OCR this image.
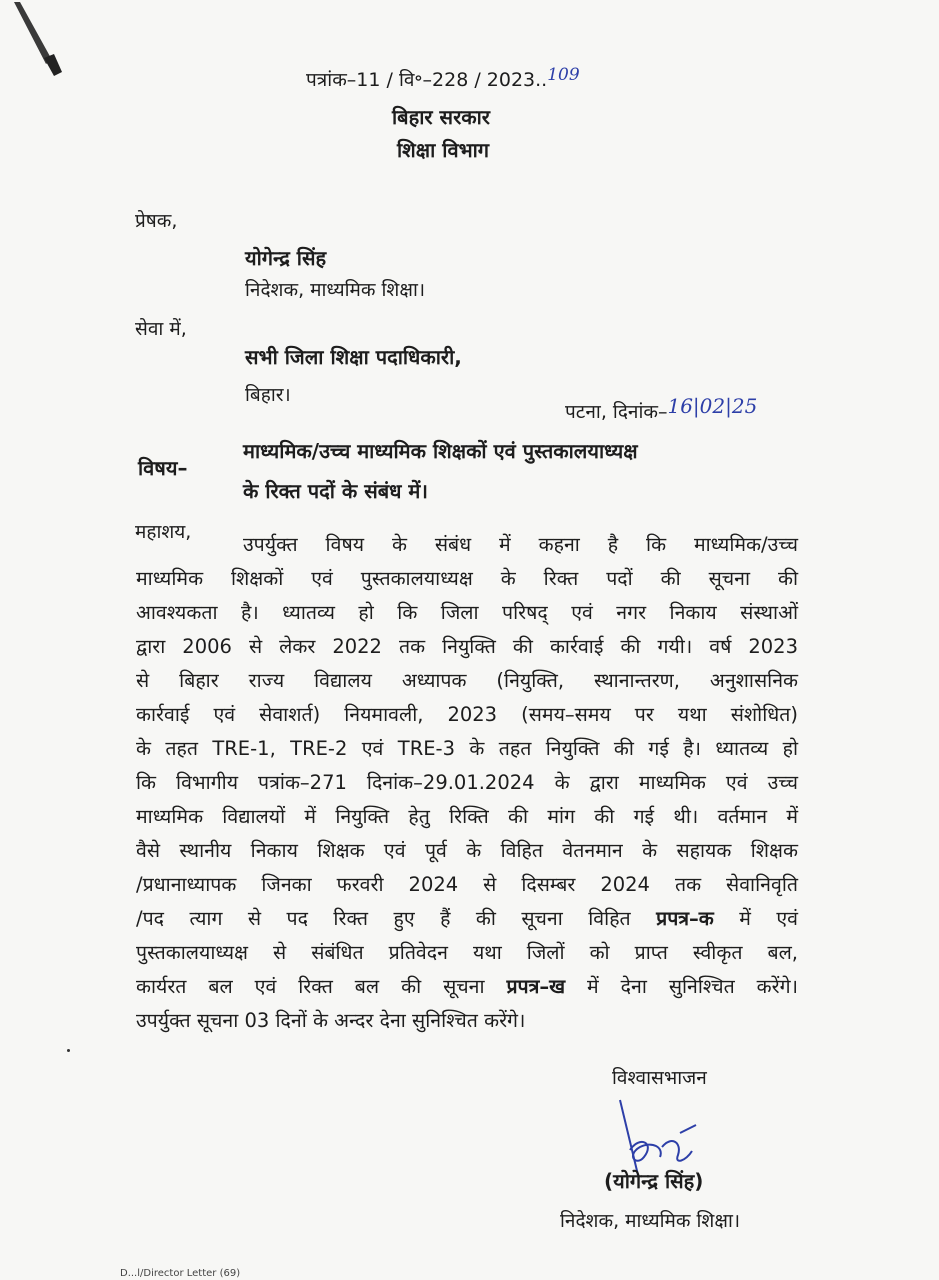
पत्रांक–11 / वि॰–228 / 2023..109
बिहार सरकार
शिक्षा विभाग
प्रेषक,
योगेन्द्र सिंह
निदेशक, माध्यमिक शिक्षा।
सेवा में,
सभी जिला शिक्षा पदाधिकारी,
बिहार।
पटना, दिनांक–16|02|25
विषय–
माध्यमिक/उच्च माध्यमिक शिक्षकों एवं पुस्तकालयाध्यक्ष
के रिक्त पदों के संबंध में।
महाशय,
उपर्युक्त विषय के संबंध में कहना है कि माध्यमिक/उच्च
माध्यमिक शिक्षकों एवं पुस्तकालयाध्यक्ष के रिक्त पदों की सूचना की
आवश्यकता है। ध्यातव्य हो कि जिला परिषद् एवं नगर निकाय संस्थाओं
द्वारा 2006 से लेकर 2022 तक नियुक्ति की कार्रवाई की गयी। वर्ष 2023
से बिहार राज्य विद्यालय अध्यापक (नियुक्ति, स्थानान्तरण, अनुशासनिक
कार्रवाई एवं सेवाशर्त) नियमावली, 2023 (समय–समय पर यथा संशोधित)
के तहत TRE-1, TRE-2 एवं TRE-3 के तहत नियुक्ति की गई है। ध्यातव्य हो
कि विभागीय पत्रांक–271 दिनांक–29.01.2024 के द्वारा माध्यमिक एवं उच्च
माध्यमिक विद्यालयों में नियुक्ति हेतु रिक्ति की मांग की गई थी। वर्तमान में
वैसे स्थानीय निकाय शिक्षक एवं पूर्व के विहित वेतनमान के सहायक शिक्षक
/प्रधानाध्यापक जिनका फरवरी 2024 से दिसम्बर 2024 तक सेवानिवृति
/पद त्याग से पद रिक्त हुए हैं की सूचना विहित प्रपत्र–क में एवं
पुस्तकालयाध्यक्ष से संबंधित प्रतिवेदन यथा जिलों को प्राप्त स्वीकृत बल,
कार्यरत बल एवं रिक्त बल की सूचना प्रपत्र–ख में देना सुनिश्चित करेंगे।
उपर्युक्त सूचना 03 दिनों के अन्दर देना सुनिश्चित करेंगे।
विश्वासभाजन
(योगेन्द्र सिंह)
निदेशक, माध्यमिक शिक्षा।
D...l/Director Letter (69)
